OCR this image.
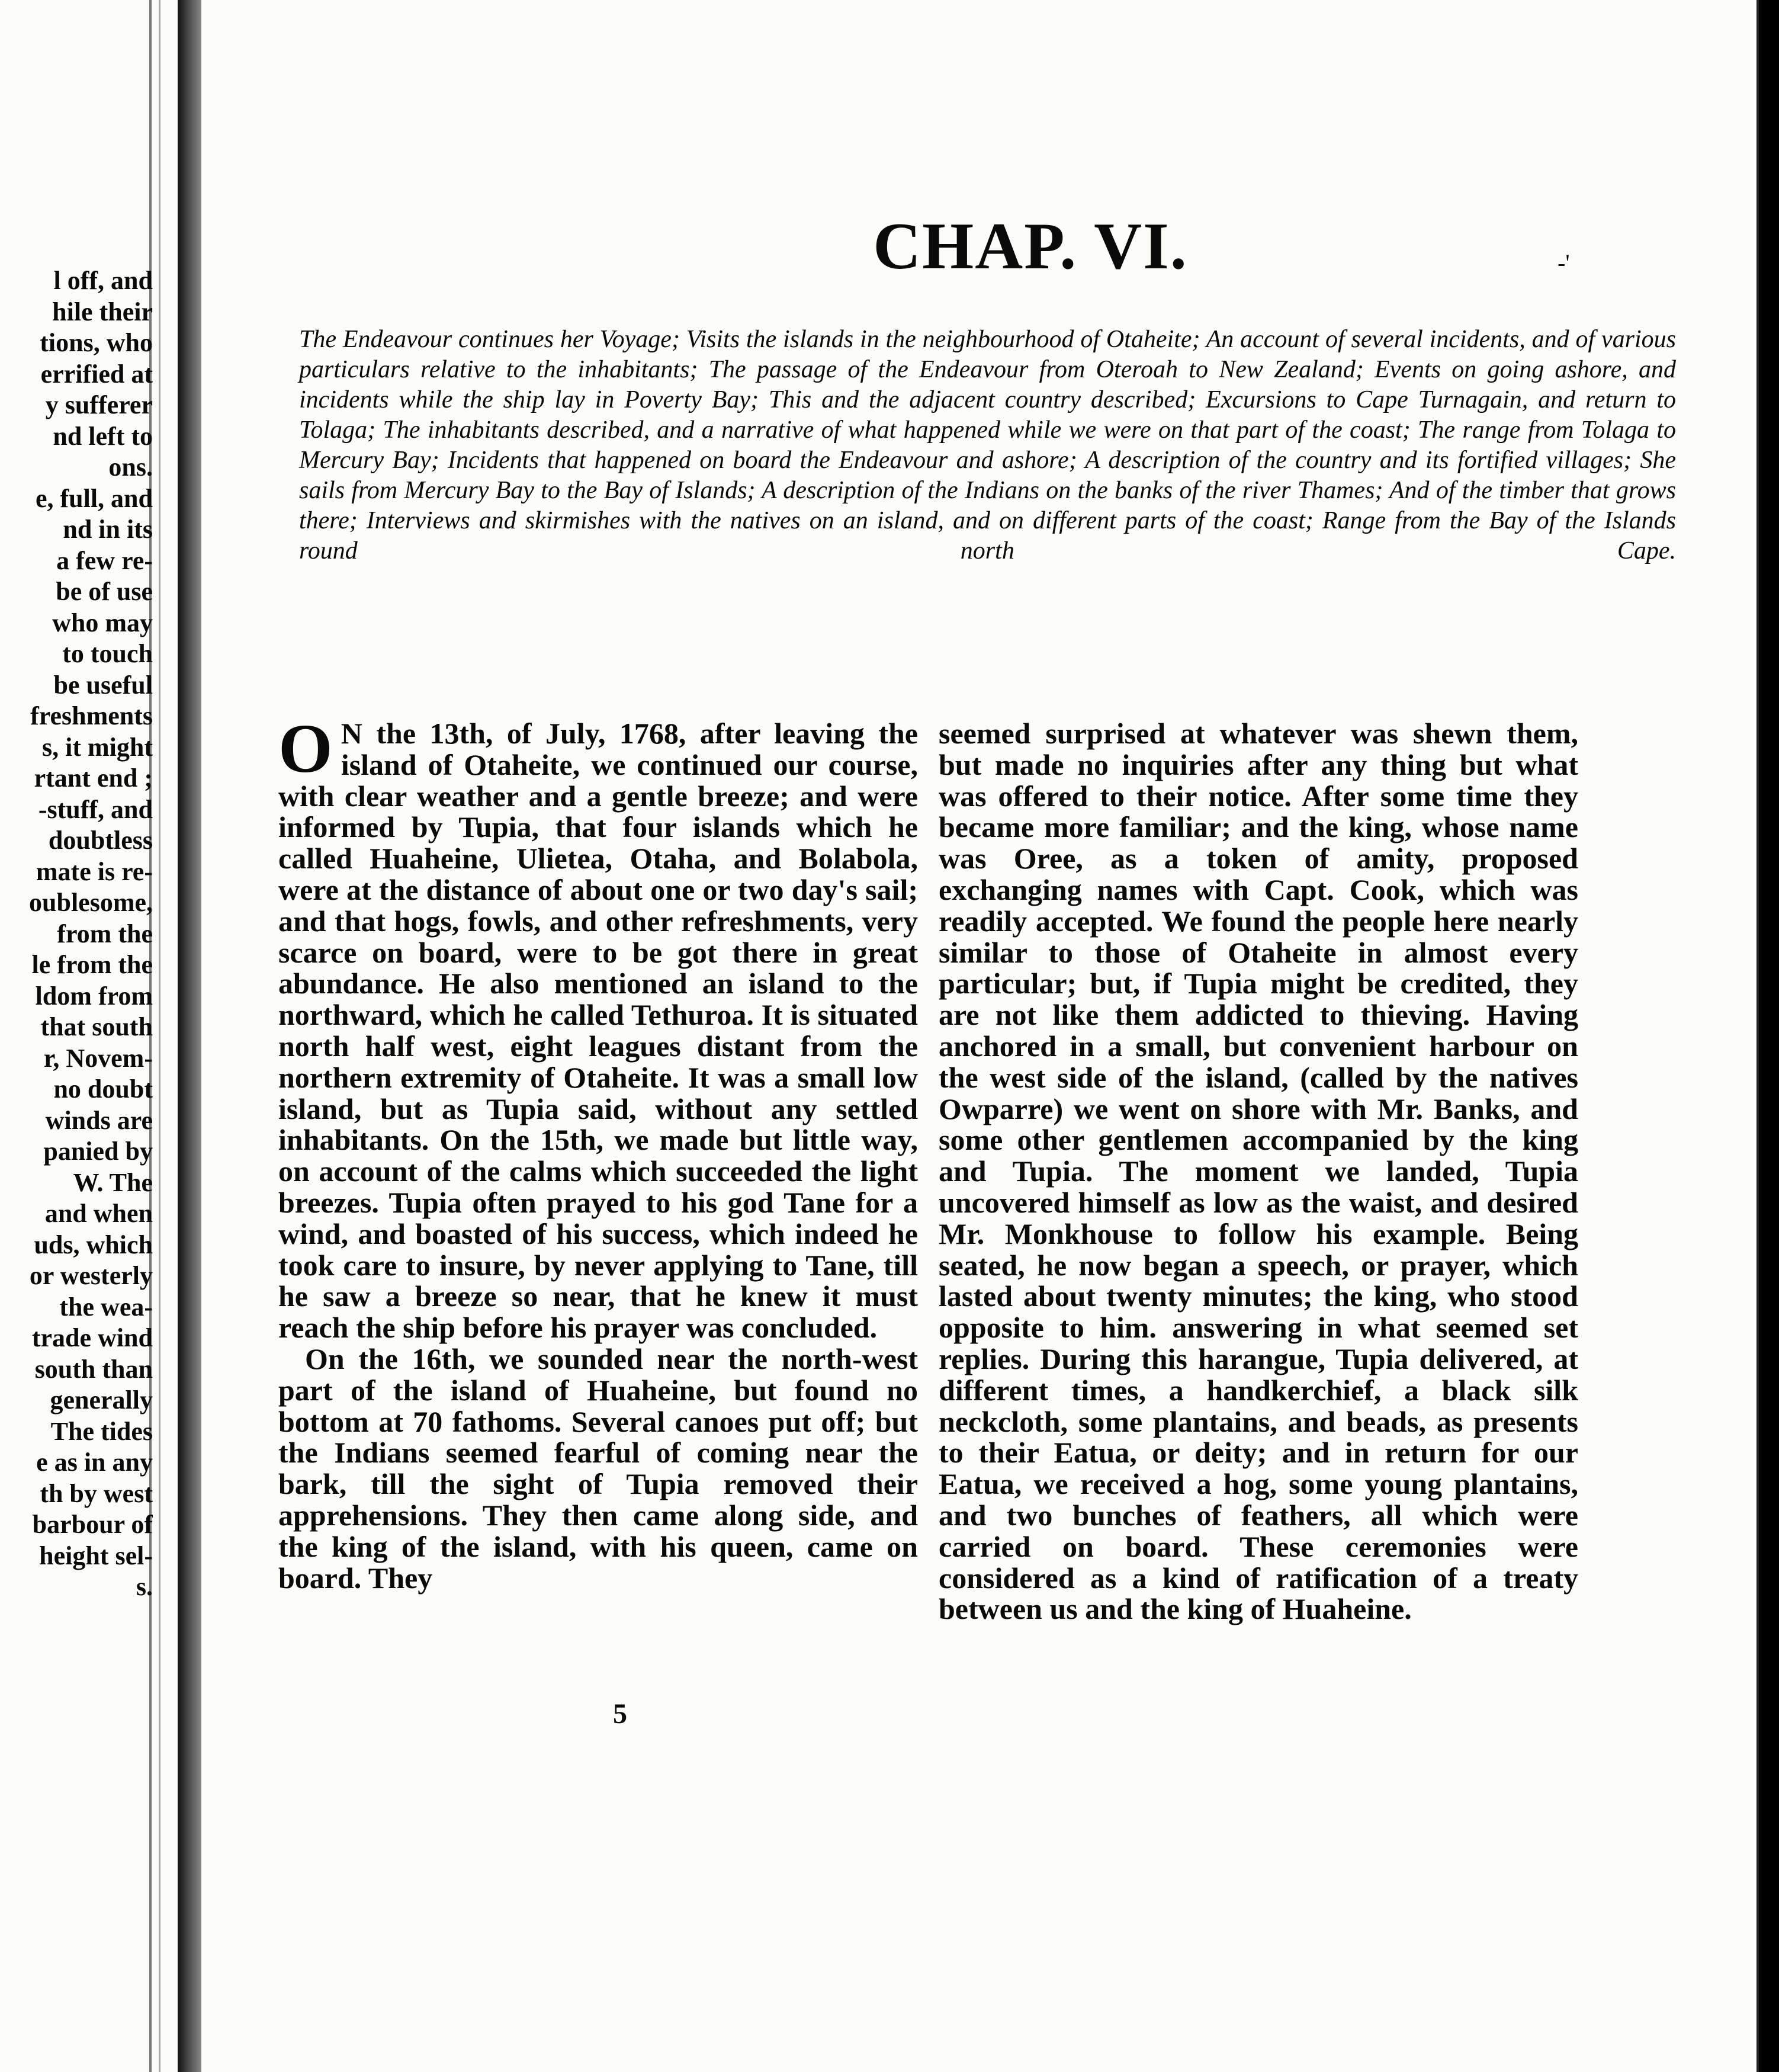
l off, and
hile their
tions, who
errified at
y sufferer
nd left to
ons.
e, full, and
nd in its
a few re-
be of use
who may
to touch
be useful
freshments
s, it might
rtant end ;
-stuff, and
doubtless
mate is re-
oublesome,
from the
le from the
ldom from
that south
r, Novem-
no doubt
winds are
panied by
W. The
and when
uds, which
or westerly
the wea-
trade wind
south than
generally
The tides
e as in any
th by west
barbour of
height sel-
s.
CHAP. VI.	-'

The Endeavour continues her Voyage; Visits the islands in the neighbourhood of Otaheite; An account of several incidents, and of various particulars relative to the inhabitants; The passage of the Endeavour from Oteroah to New Zealand; Events on going ashore, and incidents while the ship lay in Poverty Bay; This and the adjacent country described; Excursions to Cape Turnagain, and return to Tolaga; The inhabitants described, and a narrative of what happened while we were on that part of the coast; The range from Tolaga to Mercury Bay; Incidents that happened on board the Endeavour and ashore; A description of the country and its fortified villages; She sails from Mercury Bay to the Bay of Islands; A description of the Indians on the banks of the river Thames; And of the timber that grows there; Interviews and skirmishes with the natives on an island, and on different parts of the coast; Range from the Bay of the Islands round north Cape.

O N the 13th, of July, 1768, after leaving the island of Otaheite, we continued our course, with clear weather and a gentle breeze; and were informed by Tupia, that four islands which he called Huaheine, Ulietea, Otaha, and Bolabola, were at the distance of about one or two day's sail; and that hogs, fowls, and other refreshments, very scarce on board, were to be got there in great abundance. He also mentioned an island to the northward, which he called Tethuroa. It is situated north half west, eight leagues distant from the northern extremity of Otaheite. It was a small low island, but as Tupia said, without any settled inhabitants. On the 15th, we made but little way, on account of the calms which succeeded the light breezes. Tupia often prayed to his god Tane for a wind, and boasted of his success, which indeed he took care to insure, by never applying to Tane, till he saw a breeze so near, that he knew it must reach the ship before his prayer was concluded.

On the 16th, we sounded near the north-west part of the island of Huaheine, but found no bottom at 70 fathoms. Several canoes put off; but the Indians seemed fearful of coming near the bark, till the sight of Tupia removed their apprehensions. They then came along side, and the king of the island, with his queen, came on board. They

seemed surprised at whatever was shewn them, but made no inquiries after any thing but what was offered to their notice. After some time they became more familiar; and the king, whose name was Oree, as a token of amity, proposed exchanging names with Capt. Cook, which was readily accepted. We found the people here nearly similar to those of Otaheite in almost every particular; but, if Tupia might be credited, they are not like them addicted to thieving. Having anchored in a small, but convenient harbour on the west side of the island, (called by the natives Owparre) we went on shore with Mr. Banks, and some other gentlemen accompanied by the king and Tupia. The moment we landed, Tupia uncovered himself as low as the waist, and desired Mr. Monkhouse to follow his example. Being seated, he now began a speech, or prayer, which lasted about twenty minutes; the king, who stood opposite to him. answering in what seemed set replies. During this harangue, Tupia delivered, at different times, a handkerchief, a black silk neckcloth, some plantains, and beads, as presents to their Eatua, or deity; and in return for our Eatua, we received a hog, some young plantains, and two bunches of feathers, all which were carried on board. These ceremonies were considered as a kind of ratification of a treaty between us and the king of Huaheine.

5
